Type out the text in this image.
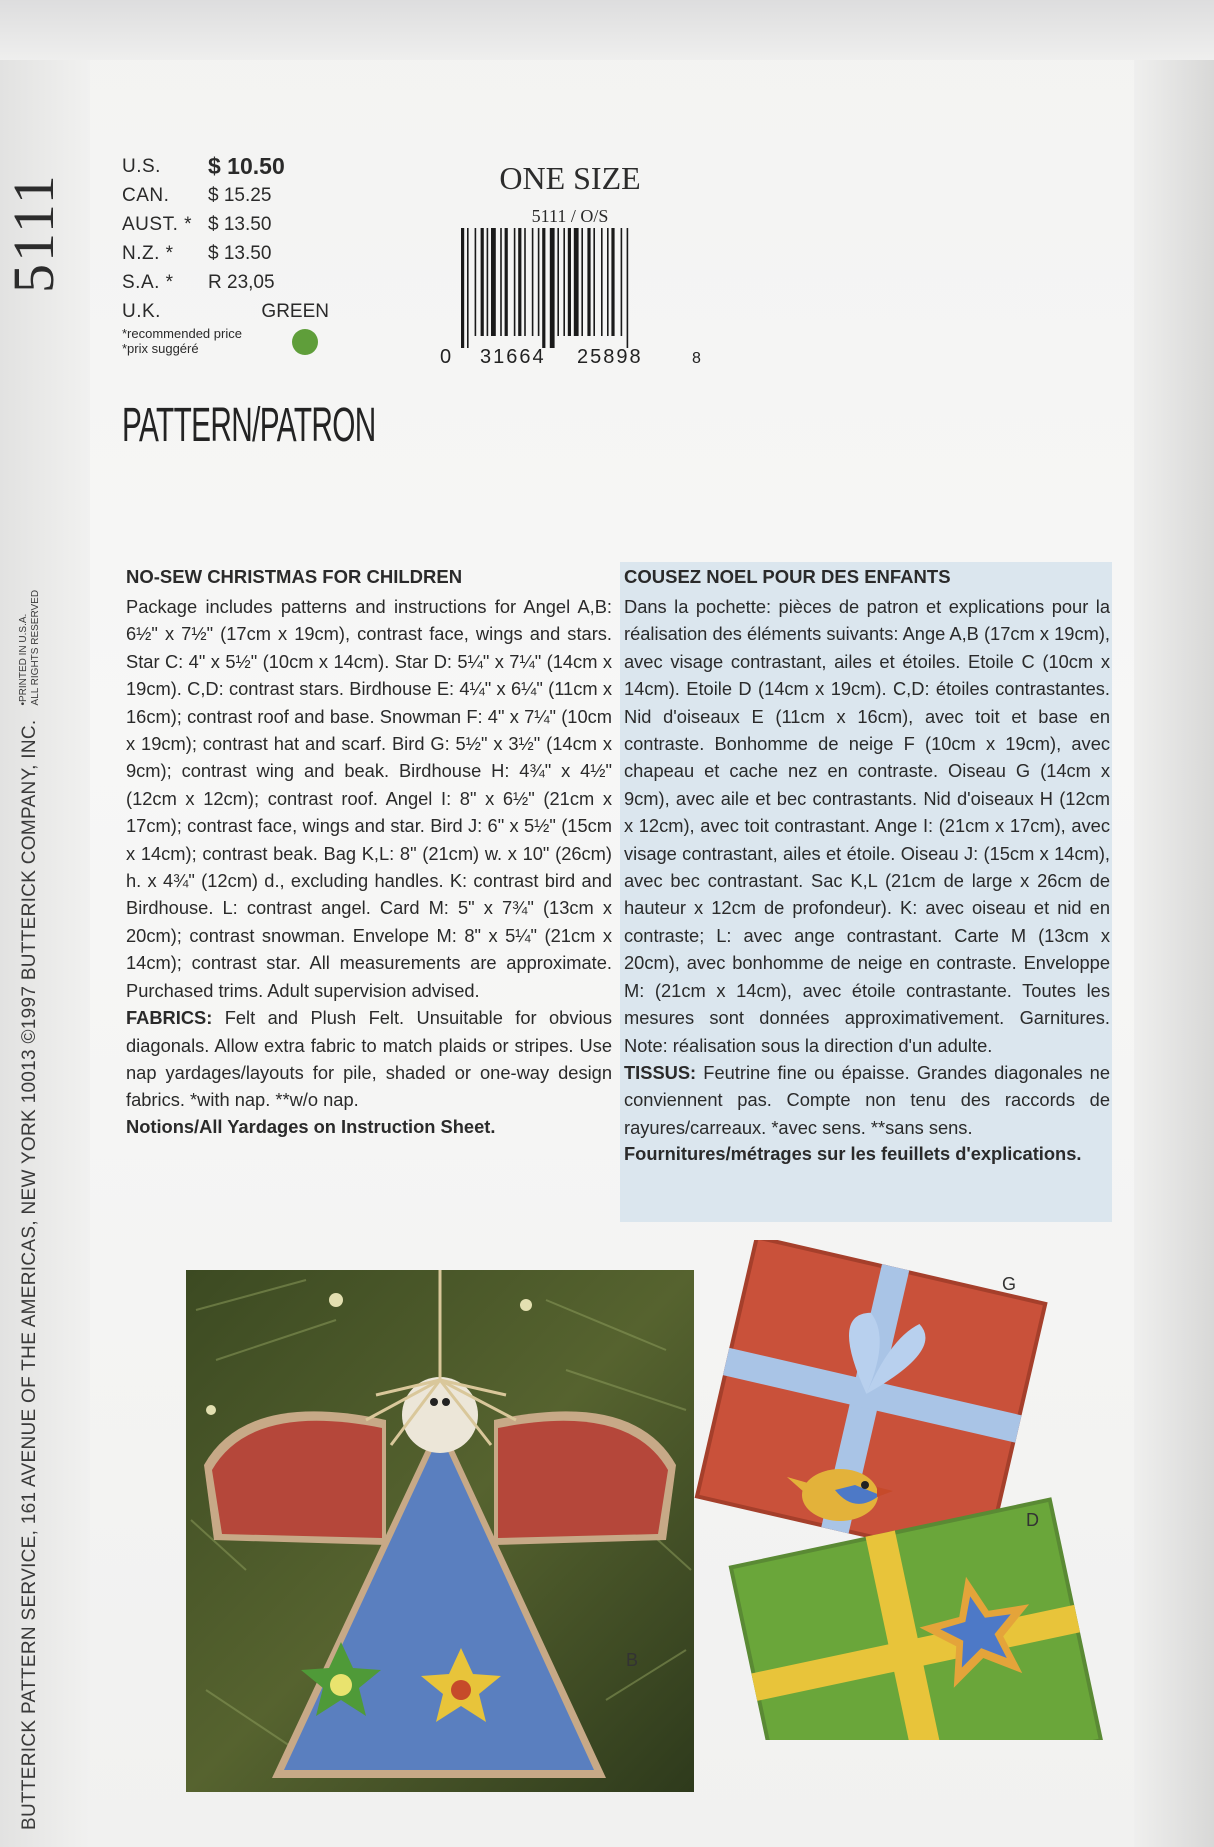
5111
BUTTERICK PATTERN SERVICE, 161 AVENUE OF THE AMERICAS, NEW YORK 10013 ©1997 BUTTERICK COMPANY, INC.
•PRINTED IN U.S.A. ALL RIGHTS RESERVED
U.S.	$ 10.50
CAN.	$ 15.25
AUST. * $ 13.50
N.Z. *	$ 13.50
S.A. *	R 23,05
U.K.	GREEN
*recommended price
*prix suggéré
ONE SIZE
5111 / O/S
0 31664 25898	8
PATTERN/PATRON
NO-SEW CHRISTMAS FOR CHILDREN
Package includes patterns and instructions for Angel A,B: 6½" x 7½" (17cm x 19cm), contrast face, wings and stars. Star C: 4" x 5½" (10cm x 14cm). Star D: 5¼" x 7¼" (14cm x 19cm). C,D: contrast stars. Birdhouse E: 4¼" x 6¼" (11cm x 16cm); contrast roof and base. Snowman F: 4" x 7¼" (10cm x 19cm); contrast hat and scarf. Bird G: 5½" x 3½" (14cm x 9cm); contrast wing and beak. Birdhouse H: 4¾" x 4½" (12cm x 12cm); contrast roof. Angel I: 8" x 6½" (21cm x 17cm); contrast face, wings and star. Bird J: 6" x 5½" (15cm x 14cm); contrast beak. Bag K,L: 8" (21cm) w. x 10" (26cm) h. x 4¾" (12cm) d., excluding handles. K: contrast bird and Birdhouse. L: contrast angel. Card M: 5" x 7¾" (13cm x 20cm); contrast snowman. Envelope M: 8" x 5¼" (21cm x 14cm); contrast star. All measurements are approximate. Purchased trims. Adult supervision advised.
FABRICS: Felt and Plush Felt. Unsuitable for obvious diagonals. Allow extra fabric to match plaids or stripes. Use nap yardages/layouts for pile, shaded or one-way design fabrics. *with nap. **w/o nap.
Notions/All Yardages on Instruction Sheet.
COUSEZ NOEL POUR DES ENFANTS
Dans la pochette: pièces de patron et explications pour la réalisation des éléments suivants: Ange A,B (17cm x 19cm), avec visage contrastant, ailes et étoiles. Etoile C (10cm x 14cm). Etoile D (14cm x 19cm). C,D: étoiles contrastantes. Nid d'oiseaux E (11cm x 16cm), avec toit et base en contraste. Bonhomme de neige F (10cm x 19cm), avec chapeau et cache nez en contraste. Oiseau G (14cm x 9cm), avec aile et bec contrastants. Nid d'oiseaux H (12cm x 12cm), avec toit contrastant. Ange I: (21cm x 17cm), avec visage contrastant, ailes et étoile. Oiseau J: (15cm x 14cm), avec bec contrastant. Sac K,L (21cm de large x 26cm de hauteur x 12cm de profondeur). K: avec oiseau et nid en contraste; L: avec ange contrastant. Carte M (13cm x 20cm), avec bonhomme de neige en contraste. Enveloppe M: (21cm x 14cm), avec étoile contrastante. Toutes les mesures sont données approximativement. Garnitures. Note: réalisation sous la direction d'un adulte.
TISSUS: Feutrine fine ou épaisse. Grandes diagonales ne conviennent pas. Compte non tenu des raccords de rayures/carreaux. *avec sens. **sans sens.
Fournitures/métrages sur les feuillets d'explications.
B
G
D
